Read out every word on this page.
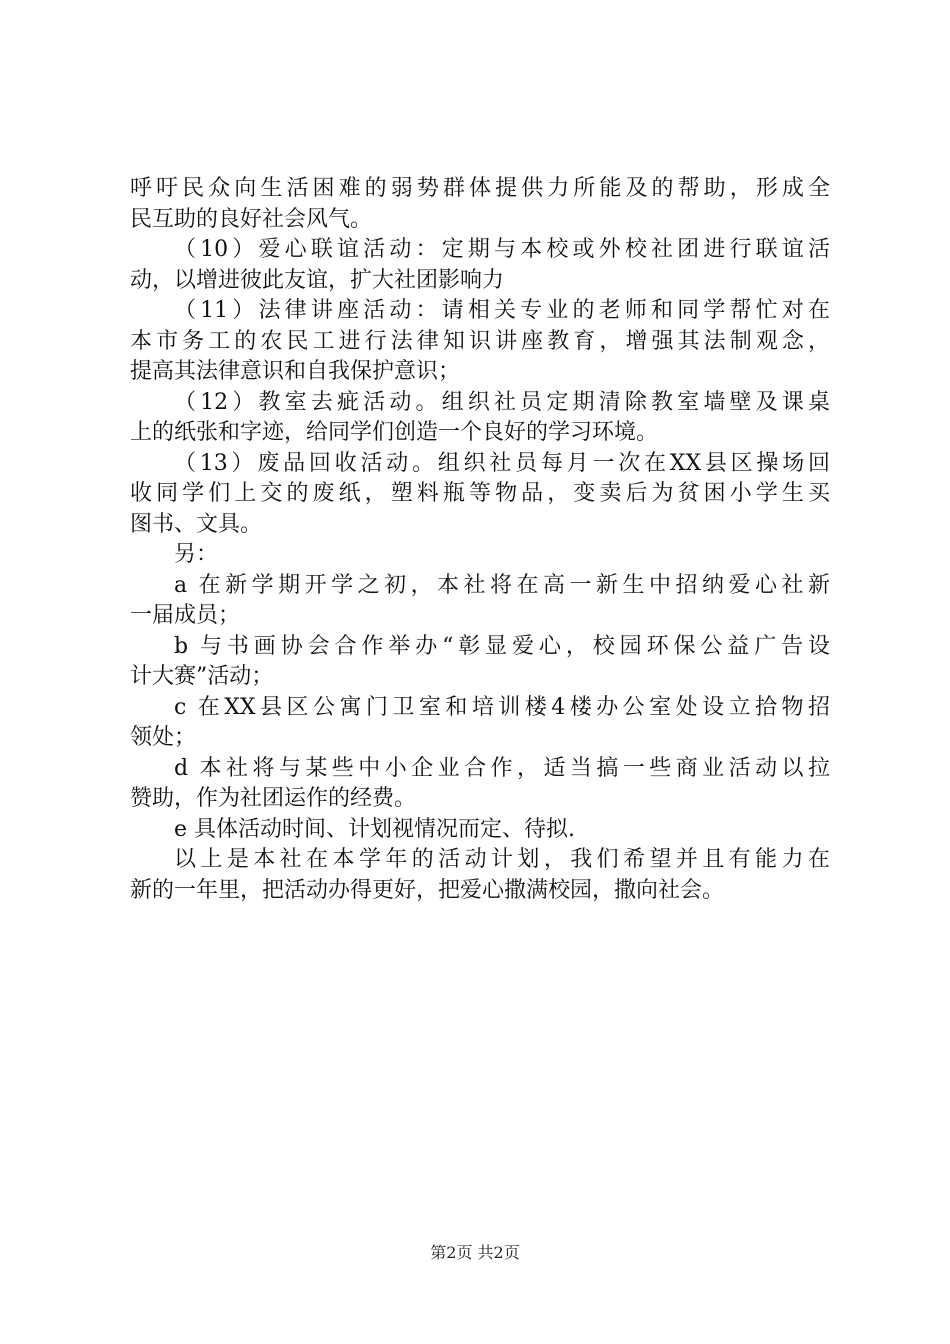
呼吁民众向生活困难的弱势群体提供力所能及的帮助，形成全
民互助的良好社会风气。
（10）爱心联谊活动：定期与本校或外校社团进行联谊活
动，以增进彼此友谊，扩大社团影响力
（11）法律讲座活动：请相关专业的老师和同学帮忙对在
本市务工的农民工进行法律知识讲座教育，增强其法制观念，
提高其法律意识和自我保护意识；
（12）教室去疵活动。组织社员定期清除教室墙壁及课桌
上的纸张和字迹，给同学们创造一个良好的学习环境。
（13）废品回收活动。组织社员每月一次在XX县区操场回
收同学们上交的废纸，塑料瓶等物品，变卖后为贫困小学生买
图书、文具。
另：
a 在新学期开学之初，本社将在高一新生中招纳爱心社新
一届成员；
b 与书画协会合作举办“彰显爱心，校园环保公益广告设
计大赛”活动；
c 在XX县区公寓门卫室和培训楼4楼办公室处设立拾物招
领处；
d 本社将与某些中小企业合作，适当搞一些商业活动以拉
赞助，作为社团运作的经费。
e 具体活动时间、计划视情况而定、待拟.
以上是本社在本学年的活动计划，我们希望并且有能力在
新的一年里，把活动办得更好，把爱心撒满校园，撒向社会。
第2页 共2页
